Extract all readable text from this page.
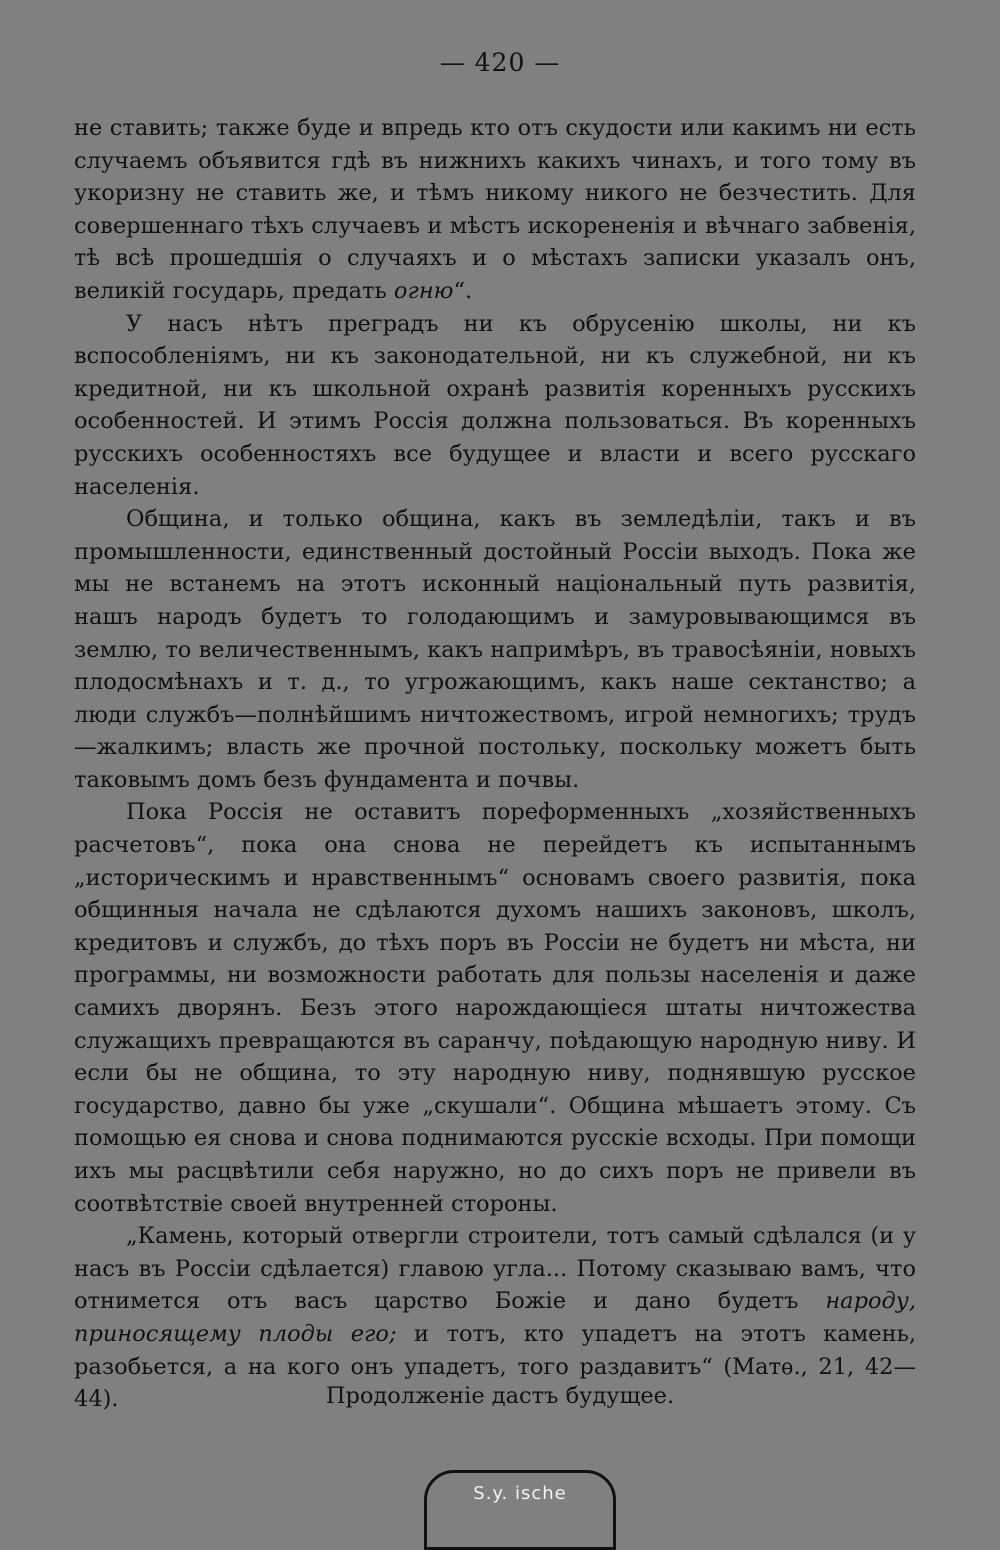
— 420 —

не ставить; также буде и впредь кто отъ скудости или какимъ ни есть случаемъ объявится гдѣ въ нижнихъ какихъ чинахъ, и того тому въ укоризну не ставить же, и тѣмъ никому никого не безчестить. Для совершеннаго тѣхъ случаевъ и мѣстъ искорененія и вѣчнаго забвенія, тѣ всѣ прошедшія о случаяхъ и о мѣстахъ записки указалъ онъ, великій государь, предать огню“.

У насъ нѣтъ преградъ ни къ обрусенію школы, ни къ вспособленіямъ, ни къ законодательной, ни къ служебной, ни къ кредитной, ни къ школьной охранѣ развитія коренныхъ русскихъ особенностей. И этимъ Россія должна пользоваться. Въ коренныхъ русскихъ особенностяхъ все будущее и власти и всего русскаго населенія.

Община, и только община, какъ въ земледѣліи, такъ и въ промышленности, единственный достойный Россіи выходъ. Пока же мы не встанемъ на этотъ исконный національный путь развитія, нашъ народъ будетъ то голодающимъ и замуровывающимся въ землю, то величественнымъ, какъ напримѣръ, въ травосѣяніи, новыхъ плодосмѣнахъ и т. д., то угрожающимъ, какъ наше сектанство; а люди службъ—полнѣйшимъ ничтожествомъ, игрой немногихъ; трудъ—жалкимъ; власть же прочной постольку, поскольку можетъ быть таковымъ домъ безъ фундамента и почвы.

Пока Россія не оставитъ пореформенныхъ „хозяйственныхъ расчетовъ“, пока она снова не перейдетъ къ испытаннымъ „историческимъ и нравственнымъ“ основамъ своего развитія, пока общинныя начала не сдѣлаются духомъ нашихъ законовъ, школъ, кредитовъ и службъ, до тѣхъ поръ въ Россіи не будетъ ни мѣста, ни программы, ни возможности работать для пользы населенія и даже самихъ дворянъ. Безъ этого нарождающіеся штаты ничтожества служащихъ превращаются въ саранчу, поѣдающую народную ниву. И если бы не община, то эту народную ниву, поднявшую русское государство, давно бы уже „скушали“. Община мѣшаетъ этому. Съ помощью ея снова и снова поднимаются русскіе всходы. При помощи ихъ мы расцвѣтили себя наружно, но до сихъ поръ не привели въ соотвѣтствіе своей внутренней стороны.

„Камень, который отвергли строители, тотъ самый сдѣлался (и у насъ въ Россіи сдѣлается) главою угла... Потому сказываю вамъ, что отнимется отъ васъ царство Божіе и дано будетъ народу, приносящему плоды его; и тотъ, кто упадетъ на этотъ камень, разобьется, а на кого онъ упадетъ, того раздавитъ“ (Матѳ., 21, 42—44).	Продолженіе дастъ будущее.
S.y. ische
